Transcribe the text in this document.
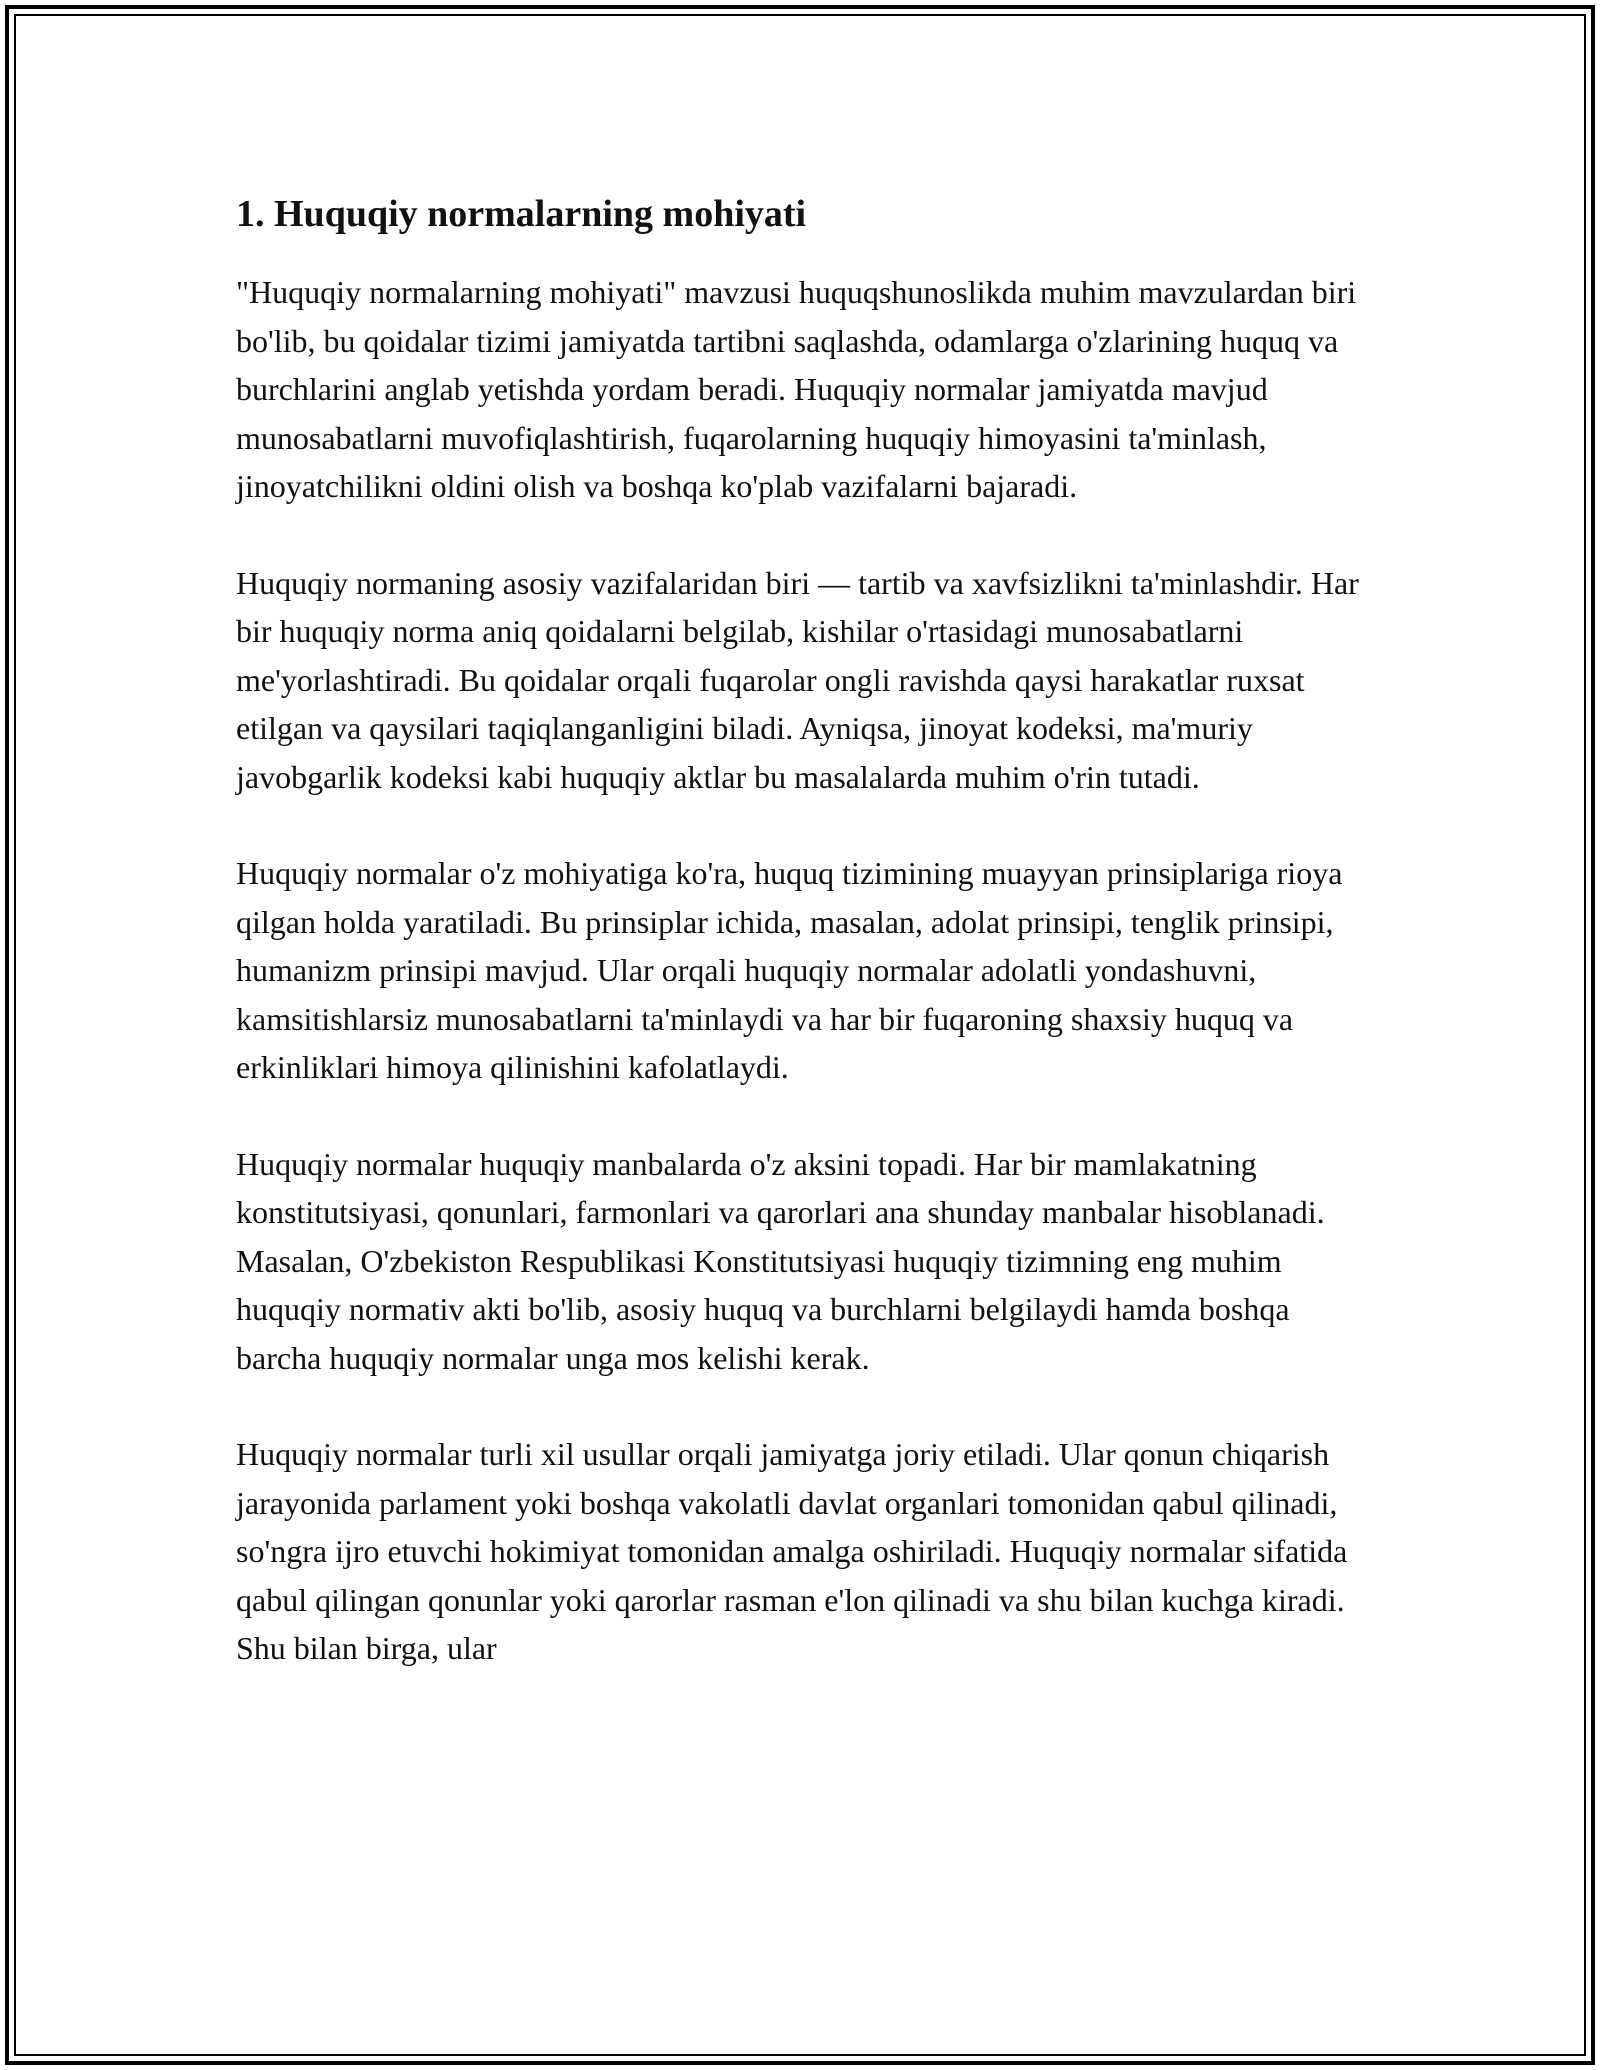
1. Huquqiy normalarning mohiyati

"Huquqiy normalarning mohiyati" mavzusi huquqshunoslikda muhim mavzulardan biri bo'lib, bu qoidalar tizimi jamiyatda tartibni saqlashda, odamlarga o'zlarining huquq va burchlarini anglab yetishda yordam beradi. Huquqiy normalar jamiyatda mavjud munosabatlarni muvofiqlashtirish, fuqarolarning huquqiy himoyasini ta'minlash, jinoyatchilikni oldini olish va boshqa ko'plab vazifalarni bajaradi.

Huquqiy normaning asosiy vazifalaridan biri — tartib va xavfsizlikni ta'minlashdir. Har bir huquqiy norma aniq qoidalarni belgilab, kishilar o'rtasidagi munosabatlarni me'yorlashtiradi. Bu qoidalar orqali fuqarolar ongli ravishda qaysi harakatlar ruxsat etilgan va qaysilari taqiqlanganligini biladi. Ayniqsa, jinoyat kodeksi, ma'muriy javobgarlik kodeksi kabi huquqiy aktlar bu masalalarda muhim o'rin tutadi.

Huquqiy normalar o'z mohiyatiga ko'ra, huquq tizimining muayyan prinsiplariga rioya qilgan holda yaratiladi. Bu prinsiplar ichida, masalan, adolat prinsipi, tenglik prinsipi, humanizm prinsipi mavjud. Ular orqali huquqiy normalar adolatli yondashuvni, kamsitishlarsiz munosabatlarni ta'minlaydi va har bir fuqaroning shaxsiy huquq va erkinliklari himoya qilinishini kafolatlaydi.

Huquqiy normalar huquqiy manbalarda o'z aksini topadi. Har bir mamlakatning konstitutsiyasi, qonunlari, farmonlari va qarorlari ana shunday manbalar hisoblanadi. Masalan, O'zbekiston Respublikasi Konstitutsiyasi huquqiy tizimning eng muhim huquqiy normativ akti bo'lib, asosiy huquq va burchlarni belgilaydi hamda boshqa barcha huquqiy normalar unga mos kelishi kerak.

Huquqiy normalar turli xil usullar orqali jamiyatga joriy etiladi. Ular qonun chiqarish jarayonida parlament yoki boshqa vakolatli davlat organlari tomonidan qabul qilinadi, so'ngra ijro etuvchi hokimiyat tomonidan amalga oshiriladi. Huquqiy normalar sifatida qabul qilingan qonunlar yoki qarorlar rasman e'lon qilinadi va shu bilan kuchga kiradi. Shu bilan birga, ular
